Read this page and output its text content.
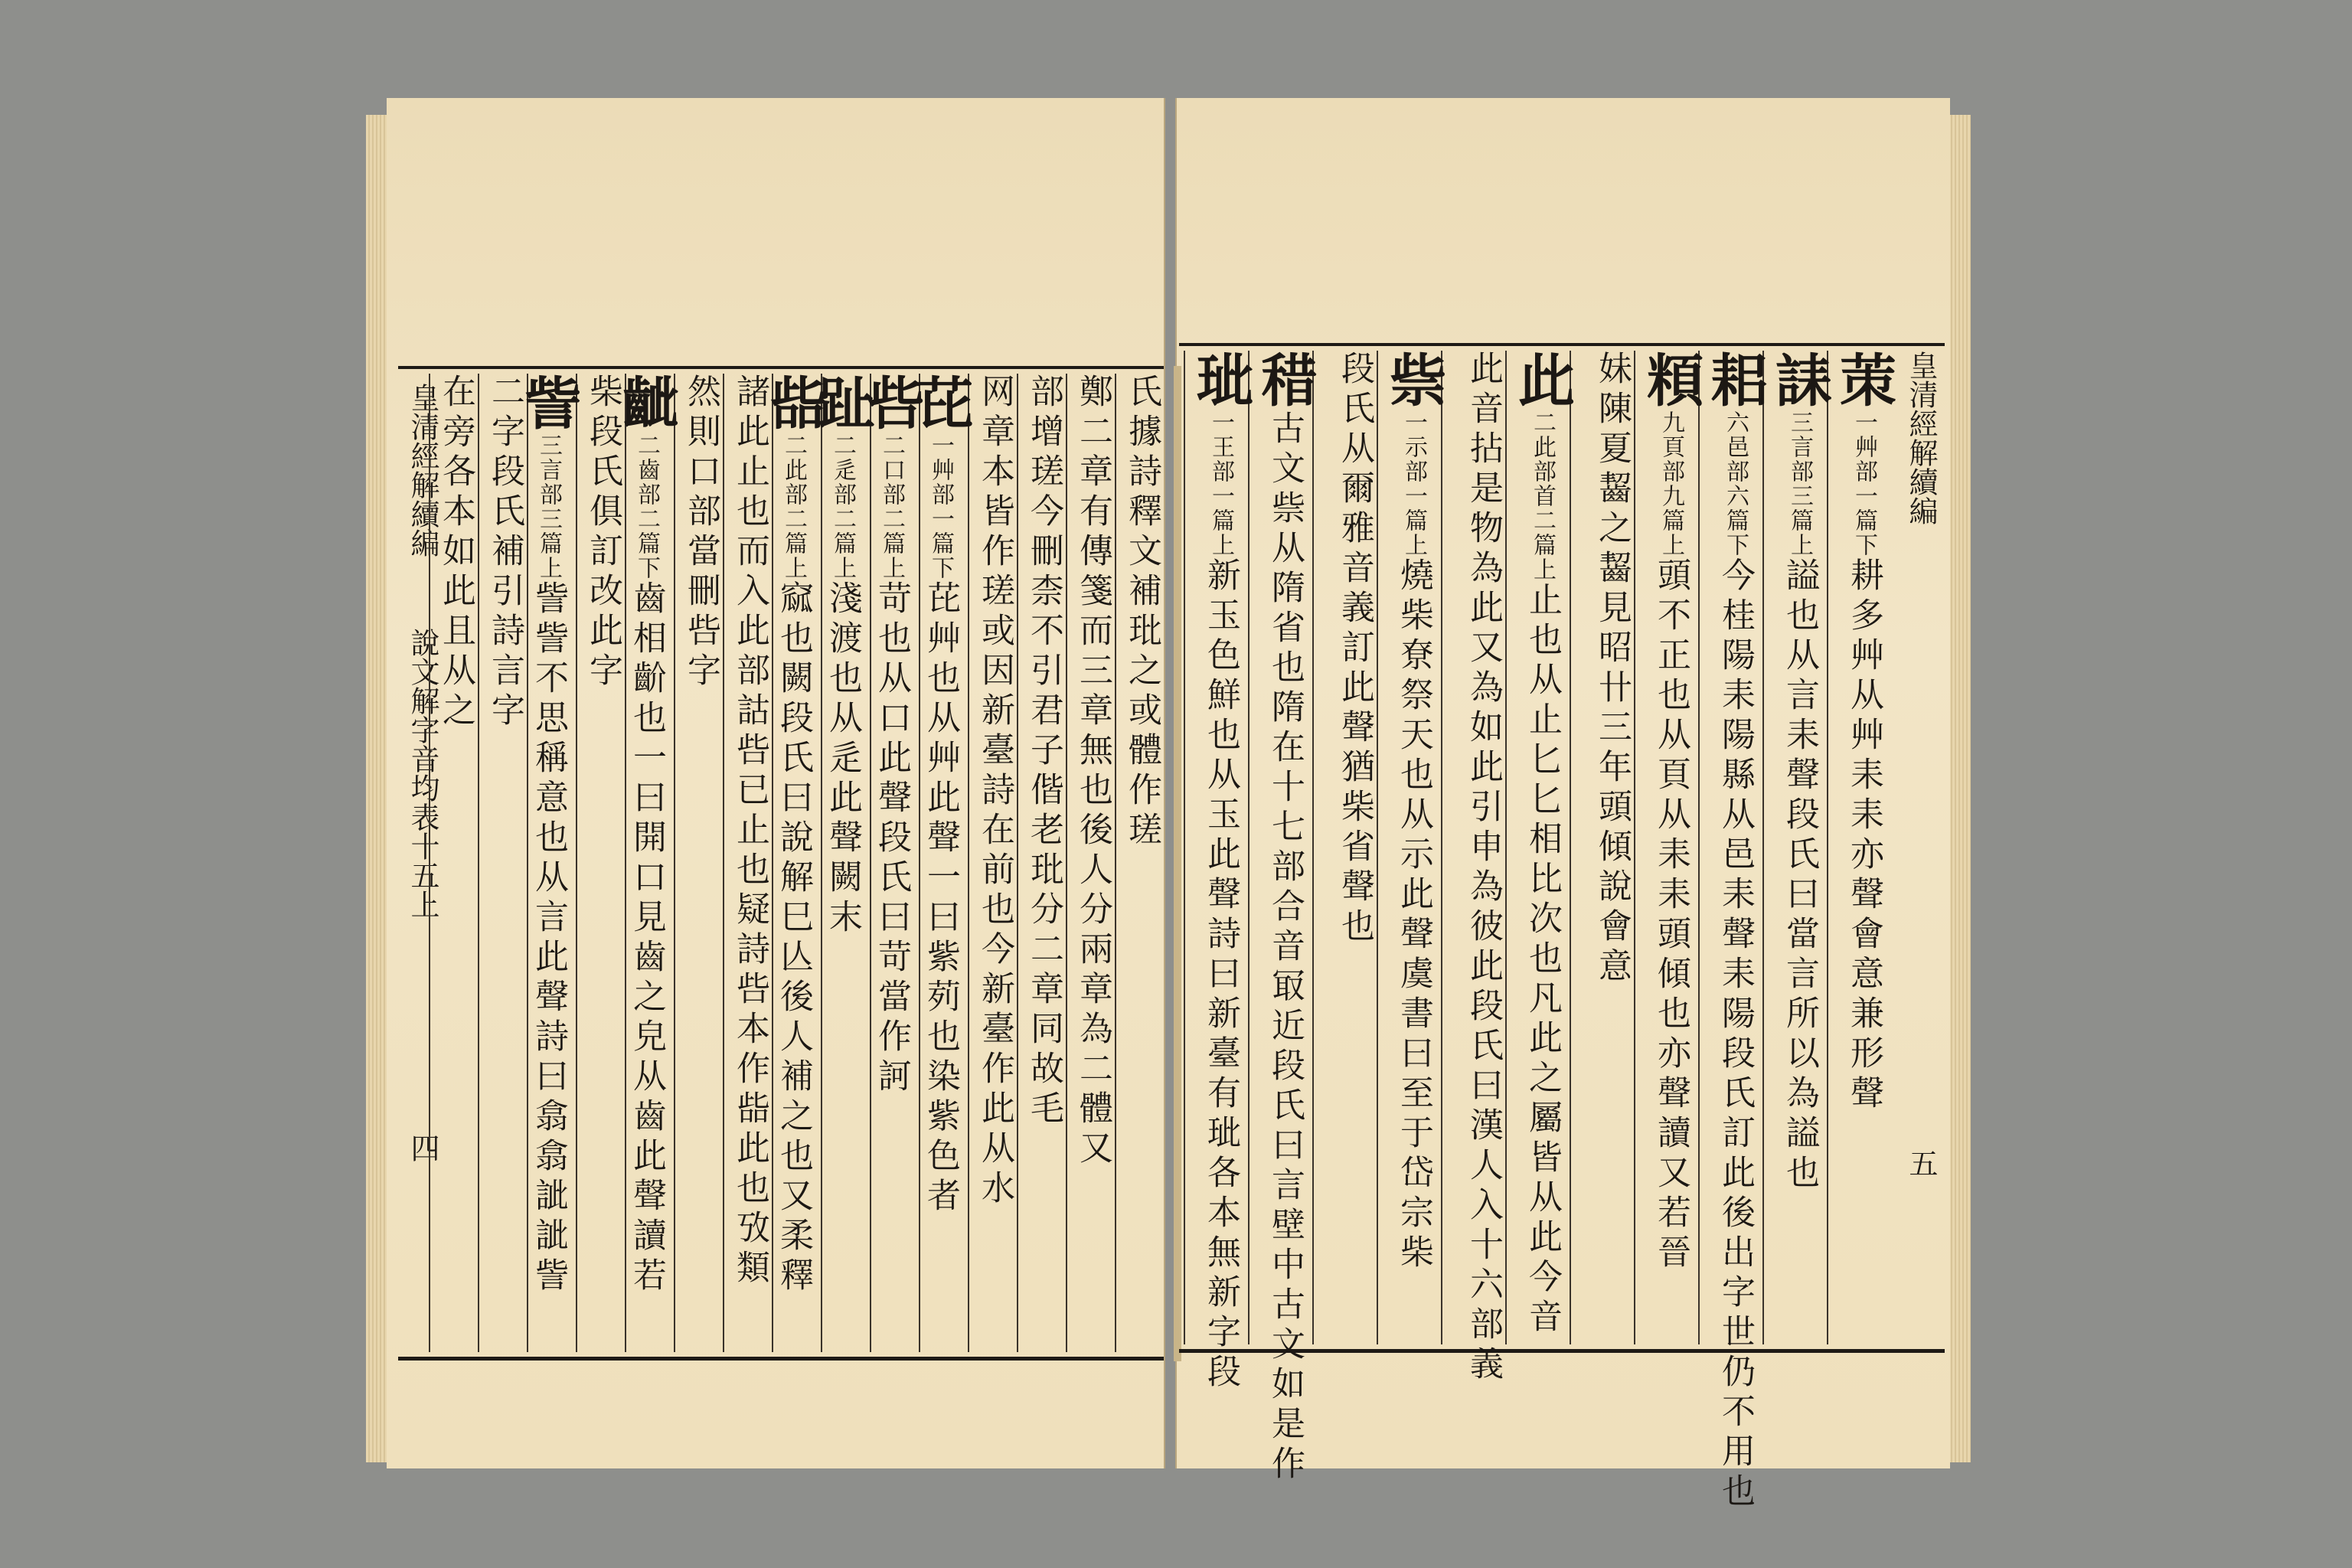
皇清經解續編
說文解字音均表十五上
四
氏據詩釋文補玭之或體作瑳
鄭二章有傳箋而三章無也後人分兩章為二體又
部增瑳今刪柰不引君子偕老玭分二章同故毛
网章本皆作瑳或因新臺詩在前也今新臺作此从水
芘一艸部一篇下芘艸也从艸此聲一曰紫茢也染紫色者
呰二口部二篇上苛也从口此聲段氏曰苛當作訶
趾二辵部二篇上淺渡也从辵此聲闕末
啙二此部二篇上窳也闕段氏曰說解巳亾後人補之也又柔釋
諸此止也而入此部詁呰已止也疑詩呰本作啙此也攷類
然則口部當刪呰字
齜二齒部二篇下齒相齘也一曰開口見齒之皃从齒此聲讀若
柴段氏俱訂改此字
訾三言部三篇上訾訾不思稱意也从言此聲詩曰翕翕訿訿訾
二字段氏補引詩言字
在旁各本如此且从之	皇清經解續編
五
茦一艸部一篇下耕多艸从艸耒耒亦聲會意兼形聲
誄三言部三篇上謚也从言耒聲段氏曰當言所以為謚也
耜六邑部六篇下今桂陽耒陽縣从邑耒聲耒陽段氏訂此後出字世仍不用也
頪九頁部九篇上頭不正也从頁从耒耒頭傾也亦聲讀又若晉
妹陳夏齧之齧見昭卄三年頭傾說會意
此二此部首二篇上止也从止匕匕相比次也凡此之屬皆从此今音
此音拈是物為此又為如此引申為彼此段氏曰漢人入十六部義
祡一示部一篇上燒柴尞祭天也从示此聲虞書曰至于岱宗柴
段氏从爾雅音義訂此聲猶柴省聲也
稓古文祡从隋省也隋在十七部合音冣近段氏曰言壁中古文如是作
玼一王部一篇上新玉色鮮也从玉此聲詩曰新臺有玼各本無新字段
